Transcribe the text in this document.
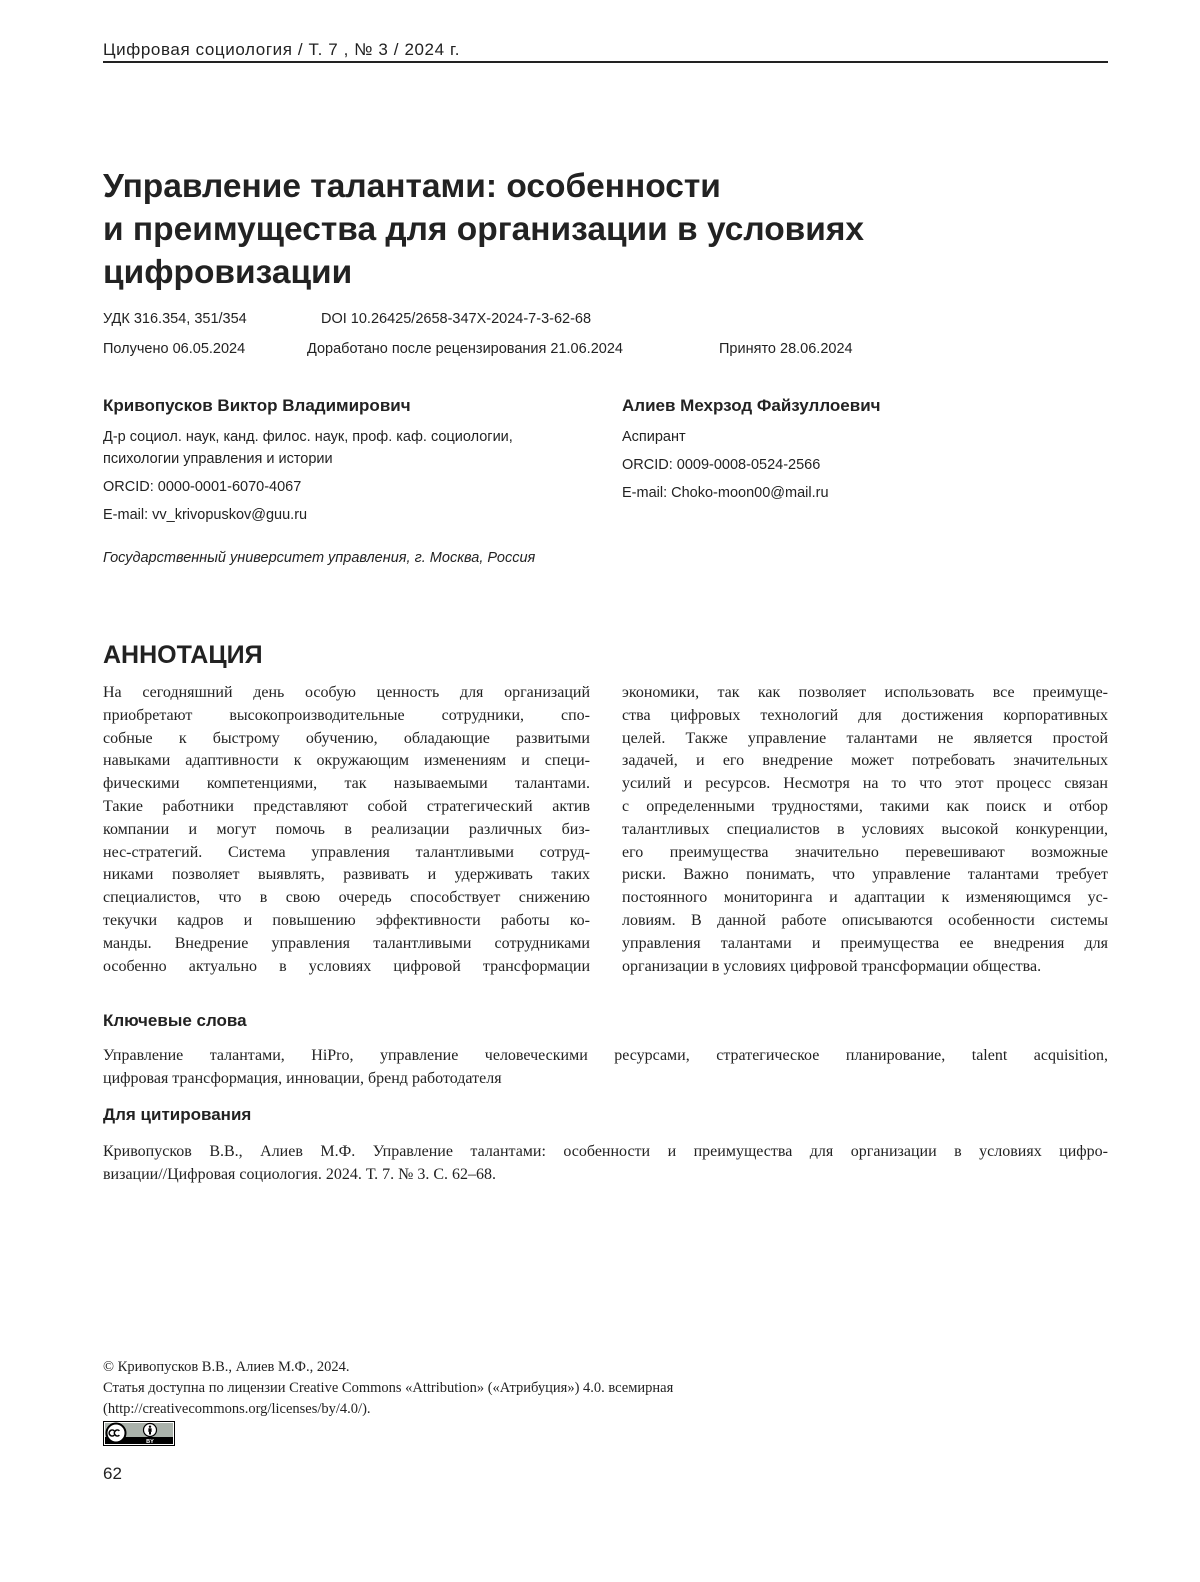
Цифровая социология / Т. 7 , № 3 / 2024 г.
Управление талантами: особенности
и преимущества для организации в условиях
цифровизации
УДК 316.354, 351/354	DOI 10.26425/2658-347X-2024-7-3-62-68
Получено 06.05.2024	Доработано после рецензирования 21.06.2024	Принято 28.06.2024
Кривопусков Виктор Владимирович
Д-р социол. наук, канд. филос. наук, проф. каф. социологии,
психологии управления и истории
ORCID: 0000-0001-6070-4067
E-mail: vv_krivopuskov@guu.ru
Алиев Мехрзод Файзуллоевич
Аспирант
ORCID: 0009-0008-0524-2566
E-mail: Choko-moon00@mail.ru
Государственный университет управления, г. Москва, Россия
АННОТАЦИЯ
На сегодняшний день особую ценность для организаций
приобретают высокопроизводительные сотрудники, спо-
собные к быстрому обучению, обладающие развитыми
навыками адаптивности к окружающим изменениям и специ-
фическими компетенциями, так называемыми талантами.
Такие работники представляют собой стратегический актив
компании и могут помочь в реализации различных биз-
нес-стратегий. Система управления талантливыми сотруд-
никами позволяет выявлять, развивать и удерживать таких
специалистов, что в свою очередь способствует снижению
текучки кадров и повышению эффективности работы ко-
манды. Внедрение управления талантливыми сотрудниками
особенно актуально в условиях цифровой трансформации
экономики, так как позволяет использовать все преимуще-
ства цифровых технологий для достижения корпоративных
целей. Также управление талантами не является простой
задачей, и его внедрение может потребовать значительных
усилий и ресурсов. Несмотря на то что этот процесс связан
с определенными трудностями, такими как поиск и отбор
талантливых специалистов в условиях высокой конкуренции,
его преимущества значительно перевешивают возможные
риски. Важно понимать, что управление талантами требует
постоянного мониторинга и адаптации к изменяющимся ус-
ловиям. В данной работе описываются особенности системы
управления талантами и преимущества ее внедрения для
организации в условиях цифровой трансформации общества.
Ключевые слова
Управление талантами, HiPro, управление человеческими ресурсами, стратегическое планирование, talent acquisition,
цифровая трансформация, инновации, бренд работодателя
Для цитирования
Кривопусков В.В., Алиев М.Ф. Управление талантами: особенности и преимущества для организации в условиях цифро-
визации//Цифровая социология. 2024. Т. 7. № 3. С. 62–68.
© Кривопусков В.В., Алиев М.Ф., 2024.
Статья доступна по лицензии Creative Commons «Attribution» («Атрибуция») 4.0. всемирная
(http://creativecommons.org/licenses/by/4.0/).
BY
62
